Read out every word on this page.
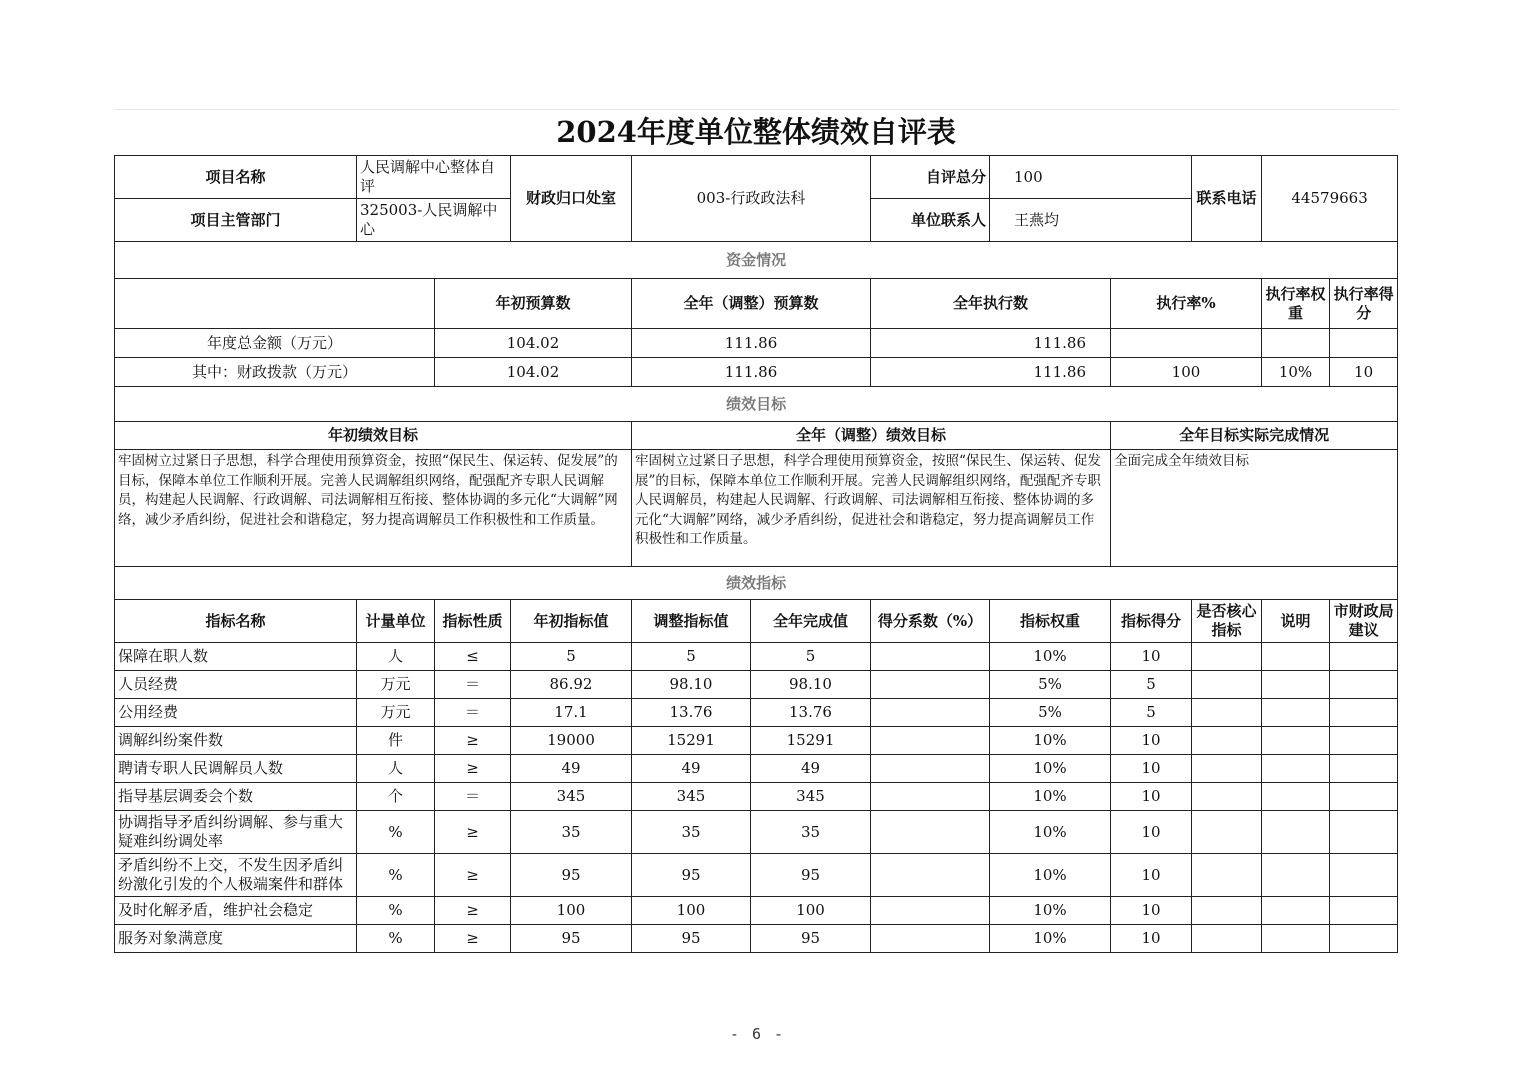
2024年度单位整体绩效自评表											
项目名称	人民调解中心整体自评		财政归口处室	003-行政政法科		自评总分	100		联系电话	44579663	
项目主管部门	325003-人民调解中心					单位联系人	王燕均				
资金情况											
		年初预算数		全年（调整）预算数		全年执行数		执行率%		执行率权重	执行率得分
年度总金额（万元）		104.02		111.86		111.86					
其中：财政拨款（万元）		104.02		111.86		111.86		100		10%	10
绩效目标											
年初绩效目标				全年（调整）绩效目标				全年目标实际完成情况			
牢固树立过紧日子思想，科学合理使用预算资金，按照“保民生、保运转、促发展”的目标，保障本单位工作顺利开展。完善人民调解组织网络，配强配齐专职人民调解员，构建起人民调解、行政调解、司法调解相互衔接、整体协调的多元化“大调解”网络，减少矛盾纠纷，促进社会和谐稳定，努力提高调解员工作积极性和工作质量。				牢固树立过紧日子思想，科学合理使用预算资金，按照“保民生、保运转、促发展”的目标，保障本单位工作顺利开展。完善人民调解组织网络，配强配齐专职人民调解员，构建起人民调解、行政调解、司法调解相互衔接、整体协调的多元化“大调解”网络，减少矛盾纠纷，促进社会和谐稳定，努力提高调解员工作积极性和工作质量。				全面完成全年绩效目标			
绩效指标											
指标名称	计量单位	指标性质	年初指标值	调整指标值	全年完成值	得分系数（%）	指标权重	指标得分	是否核心指标	说明	市财政局建议
保障在职人数	人	≤	5	5	5		10%	10			
人员经费	万元	＝	86.92	98.10	98.10		5%	5			
公用经费	万元	＝	17.1	13.76	13.76		5%	5			
调解纠纷案件数	件	≥	19000	15291	15291		10%	10			
聘请专职人民调解员人数	人	≥	49	49	49		10%	10			
指导基层调委会个数	个	＝	345	345	345		10%	10			
协调指导矛盾纠纷调解、参与重大疑难纠纷调处率	%	≥	35	35	35		10%	10			
矛盾纠纷不上交，不发生因矛盾纠纷激化引发的个人极端案件和群体	%	≥	95	95	95		10%	10			
及时化解矛盾，维护社会稳定	%	≥	100	100	100		10%	10			
服务对象满意度	%	≥	95	95	95		10%	10			
- 6 -
